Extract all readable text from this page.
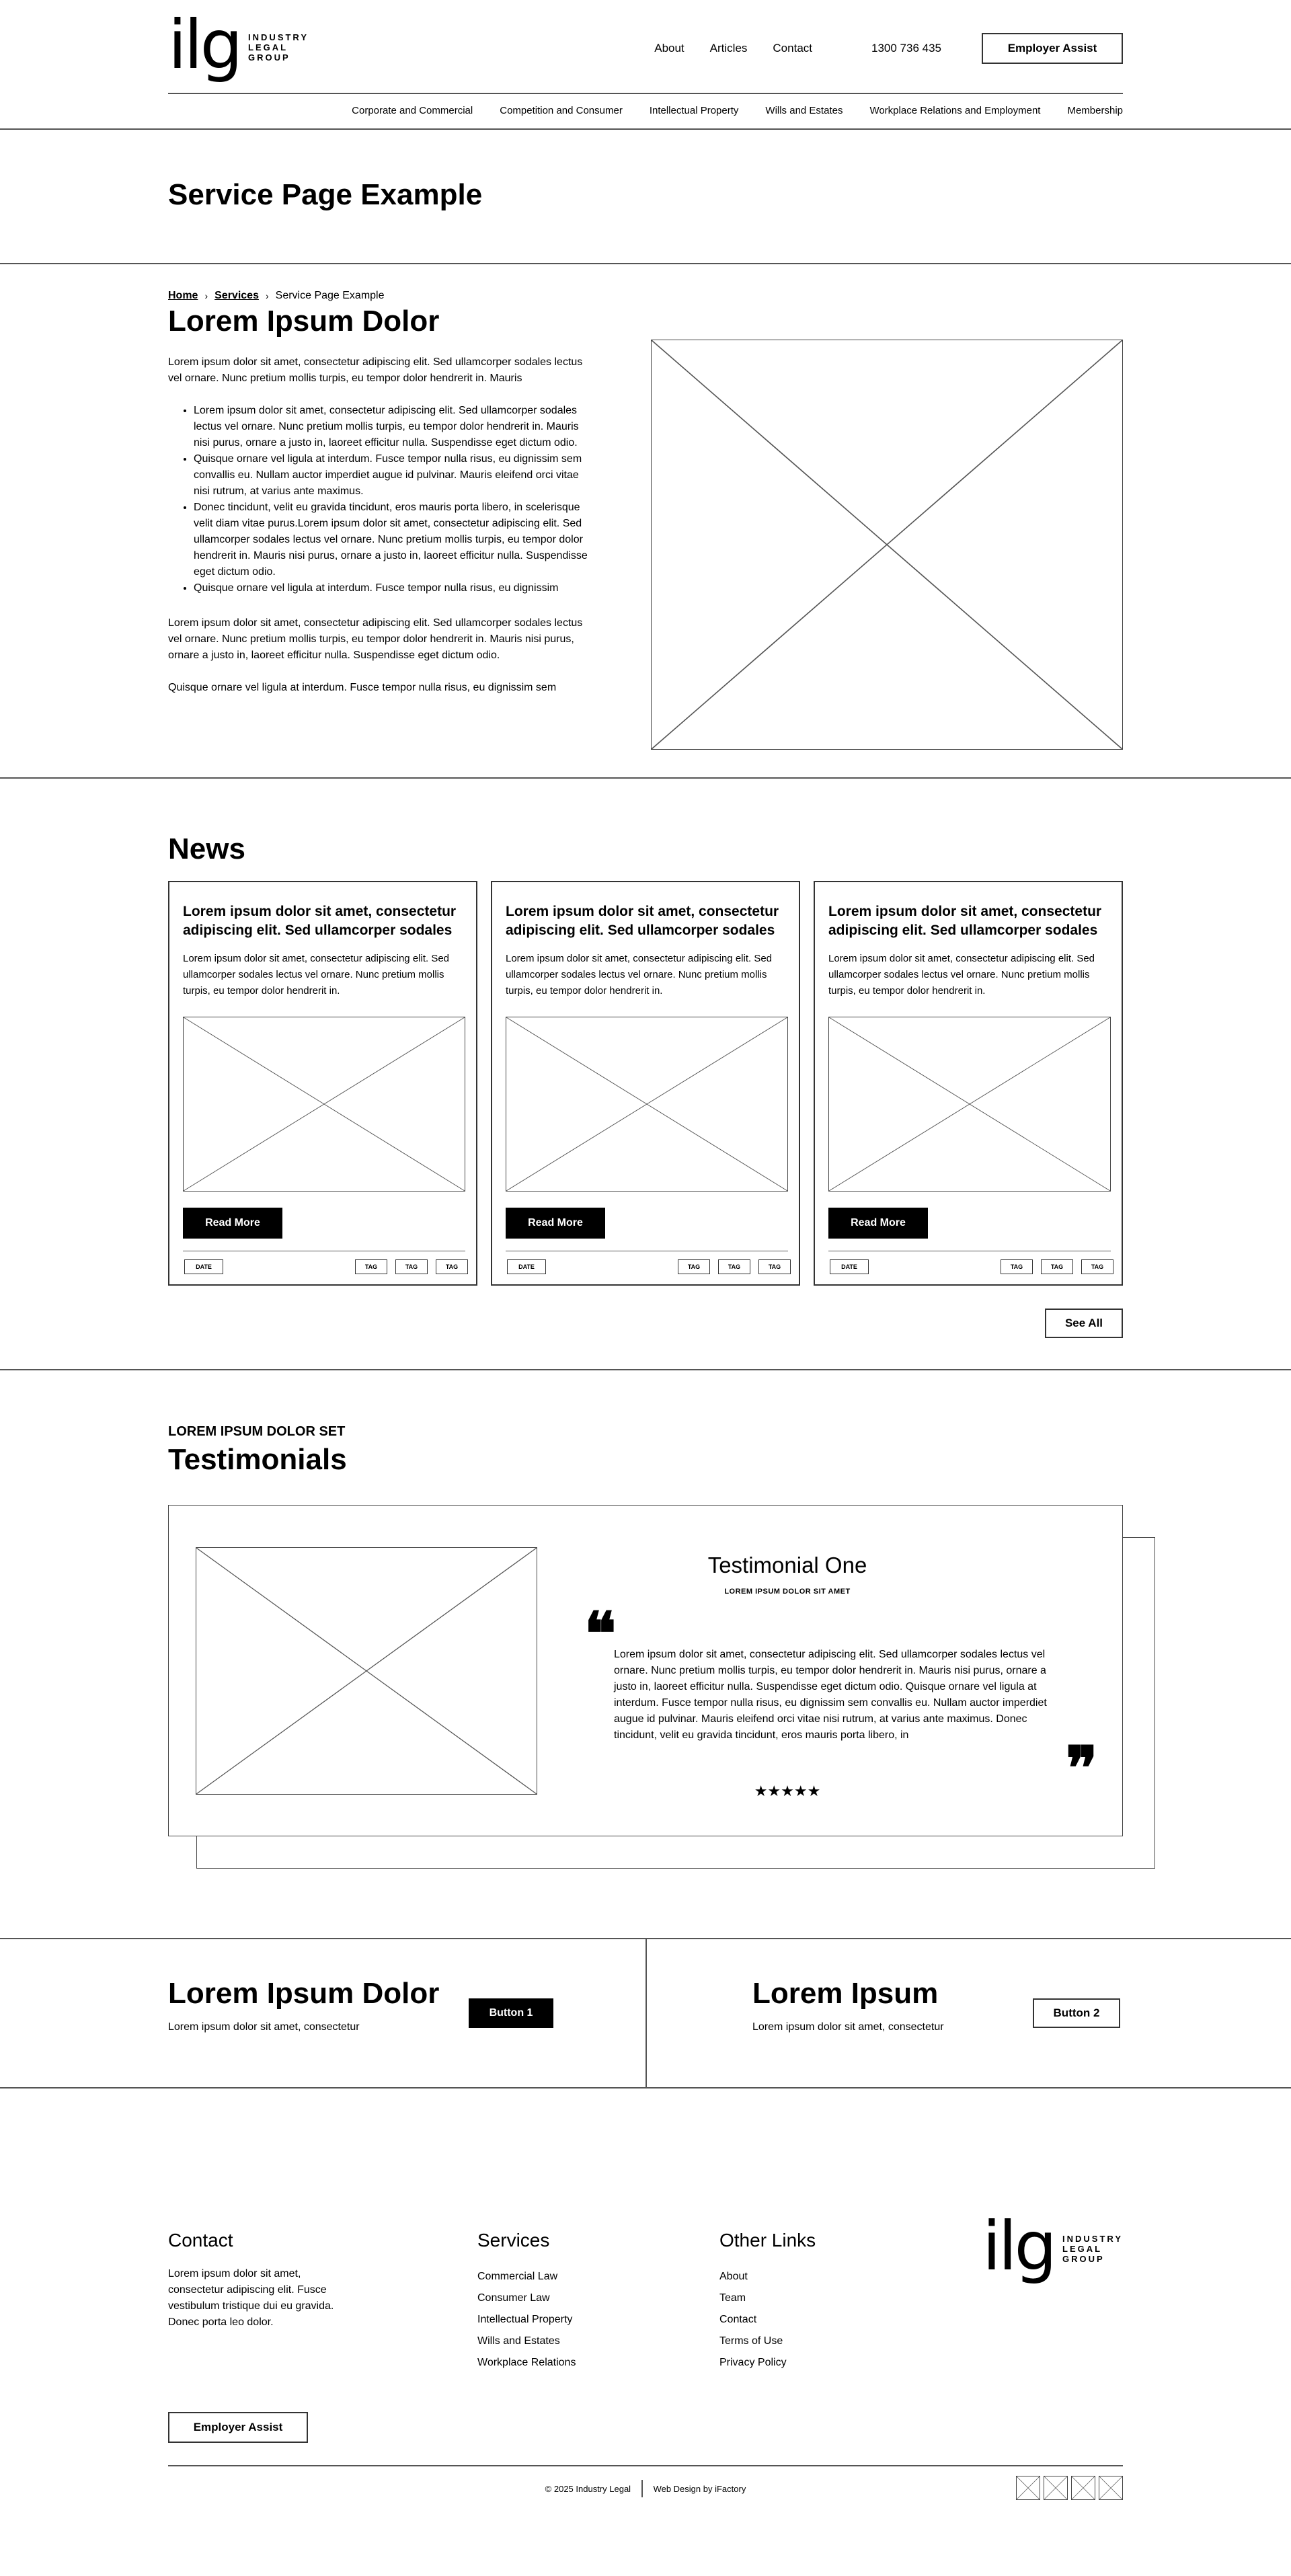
ilg INDUSTRY
LEGAL
GROUP
About Articles Contact	1300 736 435	Employer Assist
Corporate and Commercial	Competition and Consumer	Intellectual Property	Wills and Estates	Workplace Relations and Employment	Membership
Service Page Example
Home › Services › Service Page Example
Lorem Ipsum Dolor

Lorem ipsum dolor sit amet, consectetur adipiscing elit. Sed ullamcorper sodales lectus vel ornare. Nunc pretium mollis turpis, eu tempor dolor hendrerit in. Mauris

• Lorem ipsum dolor sit amet, consectetur adipiscing elit. Sed ullamcorper sodales lectus vel ornare. Nunc pretium mollis turpis, eu tempor dolor hendrerit in. Mauris nisi purus, ornare a justo in, laoreet efficitur nulla. Suspendisse eget dictum odio.
• Quisque ornare vel ligula at interdum. Fusce tempor nulla risus, eu dignissim sem convallis eu. Nullam auctor imperdiet augue id pulvinar. Mauris eleifend orci vitae nisi rutrum, at varius ante maximus.
• Donec tincidunt, velit eu gravida tincidunt, eros mauris porta libero, in scelerisque velit diam vitae purus.Lorem ipsum dolor sit amet, consectetur adipiscing elit. Sed ullamcorper sodales lectus vel ornare. Nunc pretium mollis turpis, eu tempor dolor hendrerit in. Mauris nisi purus, ornare a justo in, laoreet efficitur nulla. Suspendisse eget dictum odio.
• Quisque ornare vel ligula at interdum. Fusce tempor nulla risus, eu dignissim

Lorem ipsum dolor sit amet, consectetur adipiscing elit. Sed ullamcorper sodales lectus vel ornare. Nunc pretium mollis turpis, eu tempor dolor hendrerit in. Mauris nisi purus, ornare a justo in, laoreet efficitur nulla. Suspendisse eget dictum odio.

Quisque ornare vel ligula at interdum. Fusce tempor nulla risus, eu dignissim sem

News
Lorem ipsum dolor sit amet, consectetur adipiscing elit. Sed ullamcorper sodales

Lorem ipsum dolor sit amet, consectetur adipiscing elit. Sed ullamcorper sodales lectus vel ornare. Nunc pretium mollis turpis, eu tempor dolor hendrerit in.

Read More
DATE	TAG	TAG	TAG
Lorem ipsum dolor sit amet, consectetur adipiscing elit. Sed ullamcorper sodales

Lorem ipsum dolor sit amet, consectetur adipiscing elit. Sed ullamcorper sodales lectus vel ornare. Nunc pretium mollis turpis, eu tempor dolor hendrerit in.

Read More
DATE	TAG	TAG	TAG
Lorem ipsum dolor sit amet, consectetur adipiscing elit. Sed ullamcorper sodales

Lorem ipsum dolor sit amet, consectetur adipiscing elit. Sed ullamcorper sodales lectus vel ornare. Nunc pretium mollis turpis, eu tempor dolor hendrerit in.

Read More
DATE	TAG	TAG	TAG
See All
LOREM IPSUM DOLOR SET
Testimonials
Testimonial One
LOREM IPSUM DOLOR SIT AMET
❝

Lorem ipsum dolor sit amet, consectetur adipiscing elit. Sed ullamcorper sodales lectus vel ornare. Nunc pretium mollis turpis, eu tempor dolor hendrerit in. Mauris nisi purus, ornare a justo in, laoreet efficitur nulla. Suspendisse eget dictum odio. Quisque ornare vel ligula at interdum. Fusce tempor nulla risus, eu dignissim sem convallis eu. Nullam auctor imperdiet augue id pulvinar. Mauris eleifend orci vitae nisi rutrum, at varius ante maximus. Donec tincidunt, velit eu gravida tincidunt, eros mauris porta libero, in	❞
★★★★★
Lorem Ipsum Dolor

Lorem ipsum dolor sit amet, consectetur

Button 1
Lorem Ipsum

Lorem ipsum dolor sit amet, consectetur

Button 2
Contact

Lorem ipsum dolor sit amet, consectetur adipiscing elit. Fusce vestibulum tristique dui eu gravida. Donec porta leo dolor.

Services
Commercial Law
Consumer Law
Intellectual Property
Wills and Estates
Workplace Relations
Other Links
About
Team
Contact
Terms of Use
Privacy Policy
ilg INDUSTRY
LEGAL
GROUP
Employer Assist
© 2025 Industry Legal	Web Design by iFactory
